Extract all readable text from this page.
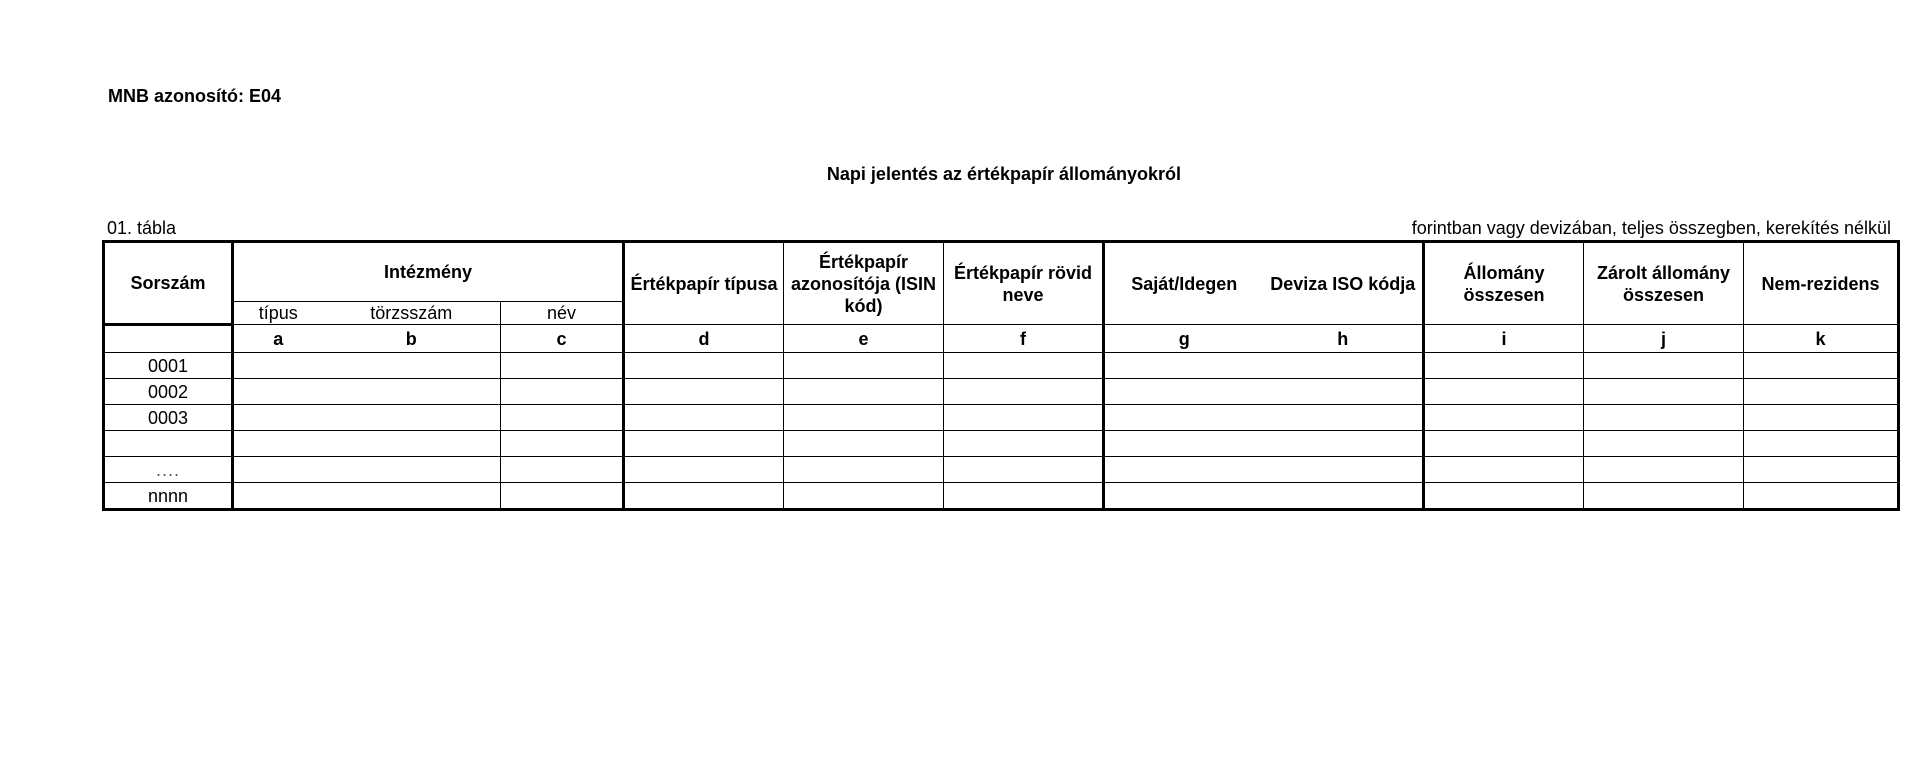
MNB azonosító: E04
Napi jelentés az értékpapír állományokról
01. tábla	forintban vagy devizában, teljes összegben, kerekítés nélkül
Sorszám	Intézmény			Értékpapír típusa	Értékpapír azonosítója (ISIN kód)	Értékpapír rövid neve	Saját/Idegen	Deviza ISO kódja	Állomány összesen	Zárolt állomány összesen	Nem-rezidens
	típus	törzsszám	név								
	a	b	c	d	e	f	g	h	i	j	k
0001											
0002											
0003											

....											
nnnn											
